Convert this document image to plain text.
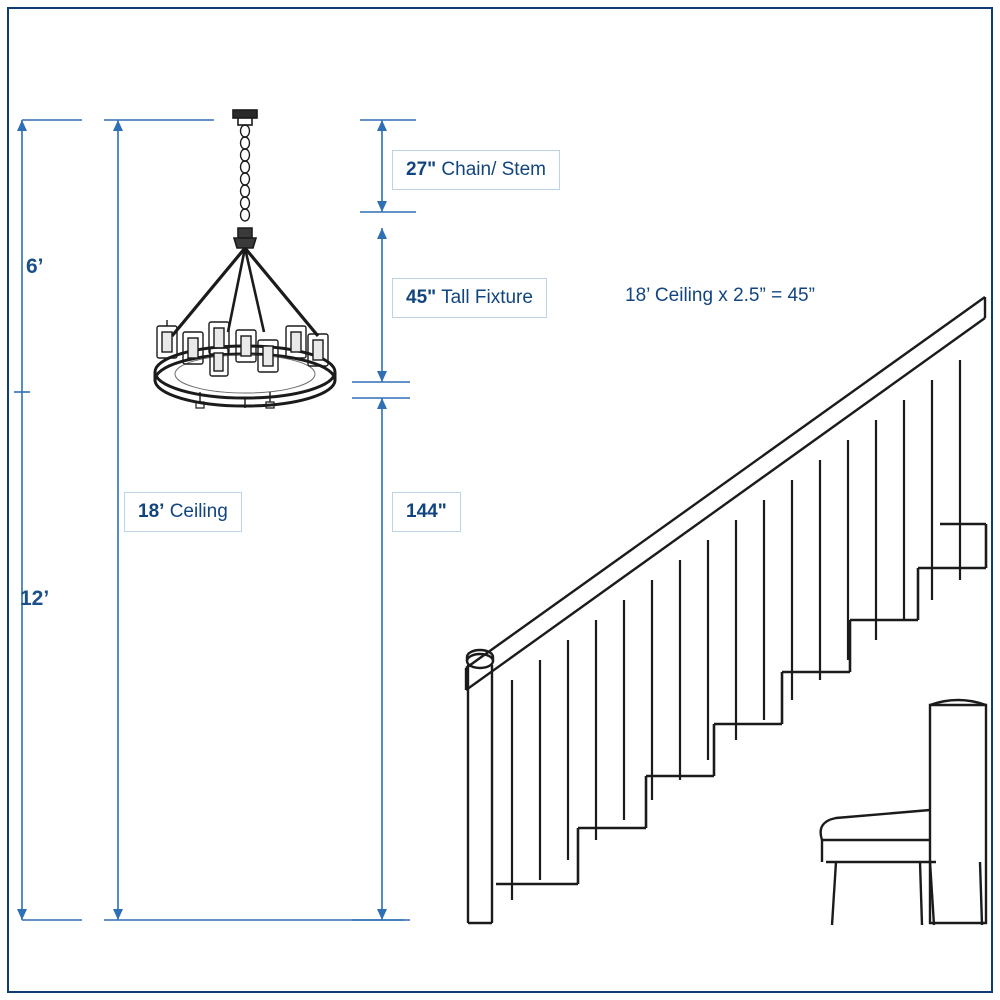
27" Chain/ Stem
45" Tall Fixture	18’ Ceiling x 2.5” = 45”
18’ Ceiling	144"
6’
12’
